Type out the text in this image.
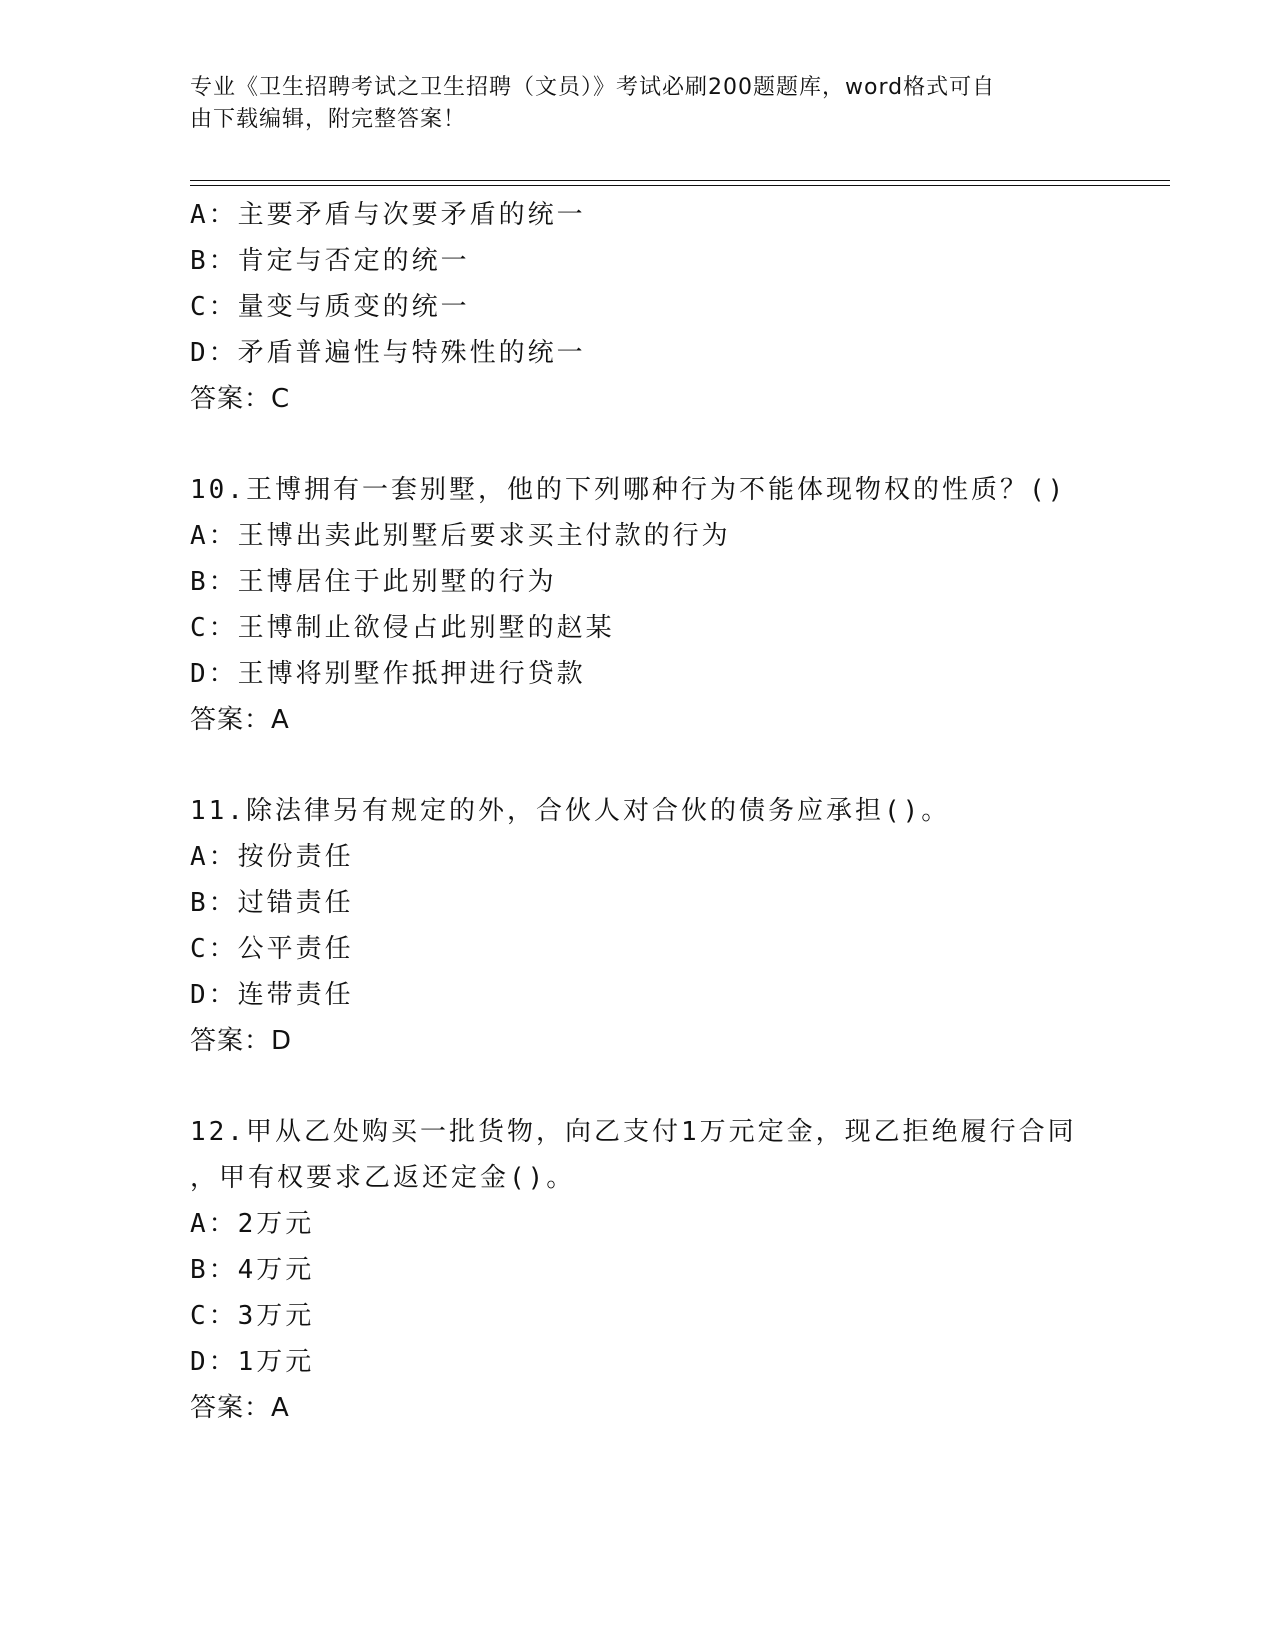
专业《卫生招聘考试之卫生招聘（文员）》考试必刷200题题库，word格式可自
由下载编辑，附完整答案！
A：主要矛盾与次要矛盾的统一
B：肯定与否定的统一
C：量变与质变的统一
D：矛盾普遍性与特殊性的统一
答案：C
10.王博拥有一套别墅，他的下列哪种行为不能体现物权的性质？()
A：王博出卖此别墅后要求买主付款的行为
B：王博居住于此别墅的行为
C：王博制止欲侵占此别墅的赵某
D：王博将别墅作抵押进行贷款
答案：A
11.除法律另有规定的外，合伙人对合伙的债务应承担()。
A：按份责任
B：过错责任
C：公平责任
D：连带责任
答案：D
12.甲从乙处购买一批货物，向乙支付1万元定金，现乙拒绝履行合同
，甲有权要求乙返还定金()。
A：2万元
B：4万元
C：3万元
D：1万元
答案：A
